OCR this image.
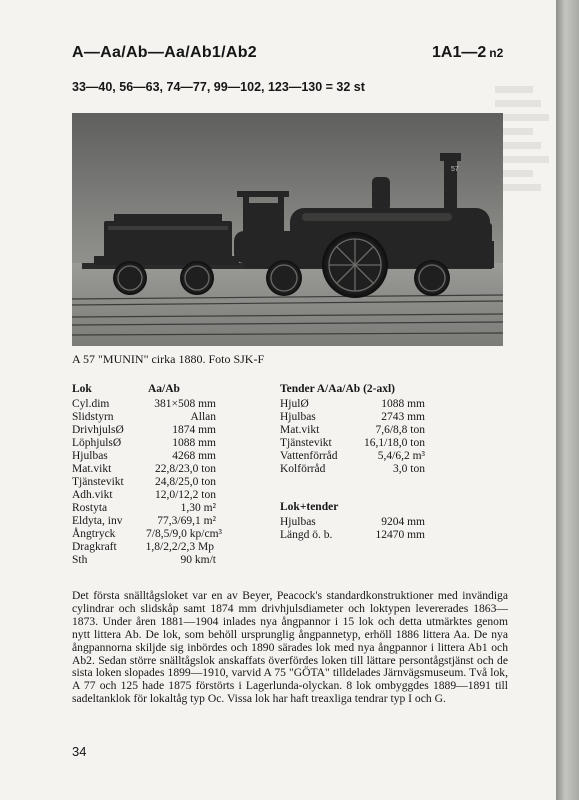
A—Aa/Ab—Aa/Ab1/Ab2	1A1—2 n2
33—40, 56—63, 74—77, 99—102, 123—130 = 32 st
57
A 57 "MUNIN" cirka 1880. Foto SJK-F
Lok	Aa/Ab	Tender A/Aa/Ab (2-axl)
Lok+tender
Cyl.dim	381×508 mm
Slidstyrn	Allan
DrivhjulsØ	1874 mm
LöphjulsØ	1088 mm
Hjulbas	4268 mm
Mat.vikt	22,8/23,0 ton
Tjänstevikt	24,8/25,0 ton
Adh.vikt	12,0/12,2 ton
Rostyta	1,30 m²
Eldyta, inv	77,3/69,1 m²
Ångtryck	7/8,5/9,0 kp/cm³
Dragkraft	1,8/2,2/2,3 Mp
Sth	90 km/t
HjulØ	1088 mm
Hjulbas	2743 mm
Mat.vikt	7,6/8,8 ton
Tjänstevikt	16,1/18,0 ton
Vattenförråd	5,4/6,2 m³
Kolförråd	3,0 ton
Hjulbas	9204 mm
Längd ö. b.	12470 mm
Det första snälltågsloket var en av Beyer, Peacock's standardkonstruktioner med invändiga cylindrar och slidskåp samt 1874 mm drivhjulsdiameter och loktypen levererades 1863—1873. Under åren 1881—1904 inlades nya ångpannor i 15 lok och detta utmärktes genom nytt littera Ab. De lok, som behöll ursprunglig ångpannetyp, erhöll 1886 littera Aa. De nya ångpannorna skiljde sig inbördes och 1890 särades lok med nya ångpannor i littera Ab1 och Ab2. Sedan större snälltågslok anskaffats överfördes loken till lättare persontågstjänst och de sista loken slopades 1899—1910, varvid A 75 "GÖTA" tilldelades Järnvägsmuseum. Två lok, A 77 och 125 hade 1875 förstörts i Lagerlunda-olyckan. 8 lok ombyggdes 1889—1891 till sadeltanklok för lokaltåg typ Oc. Vissa lok har haft treaxliga tendrar typ I och G.
34
